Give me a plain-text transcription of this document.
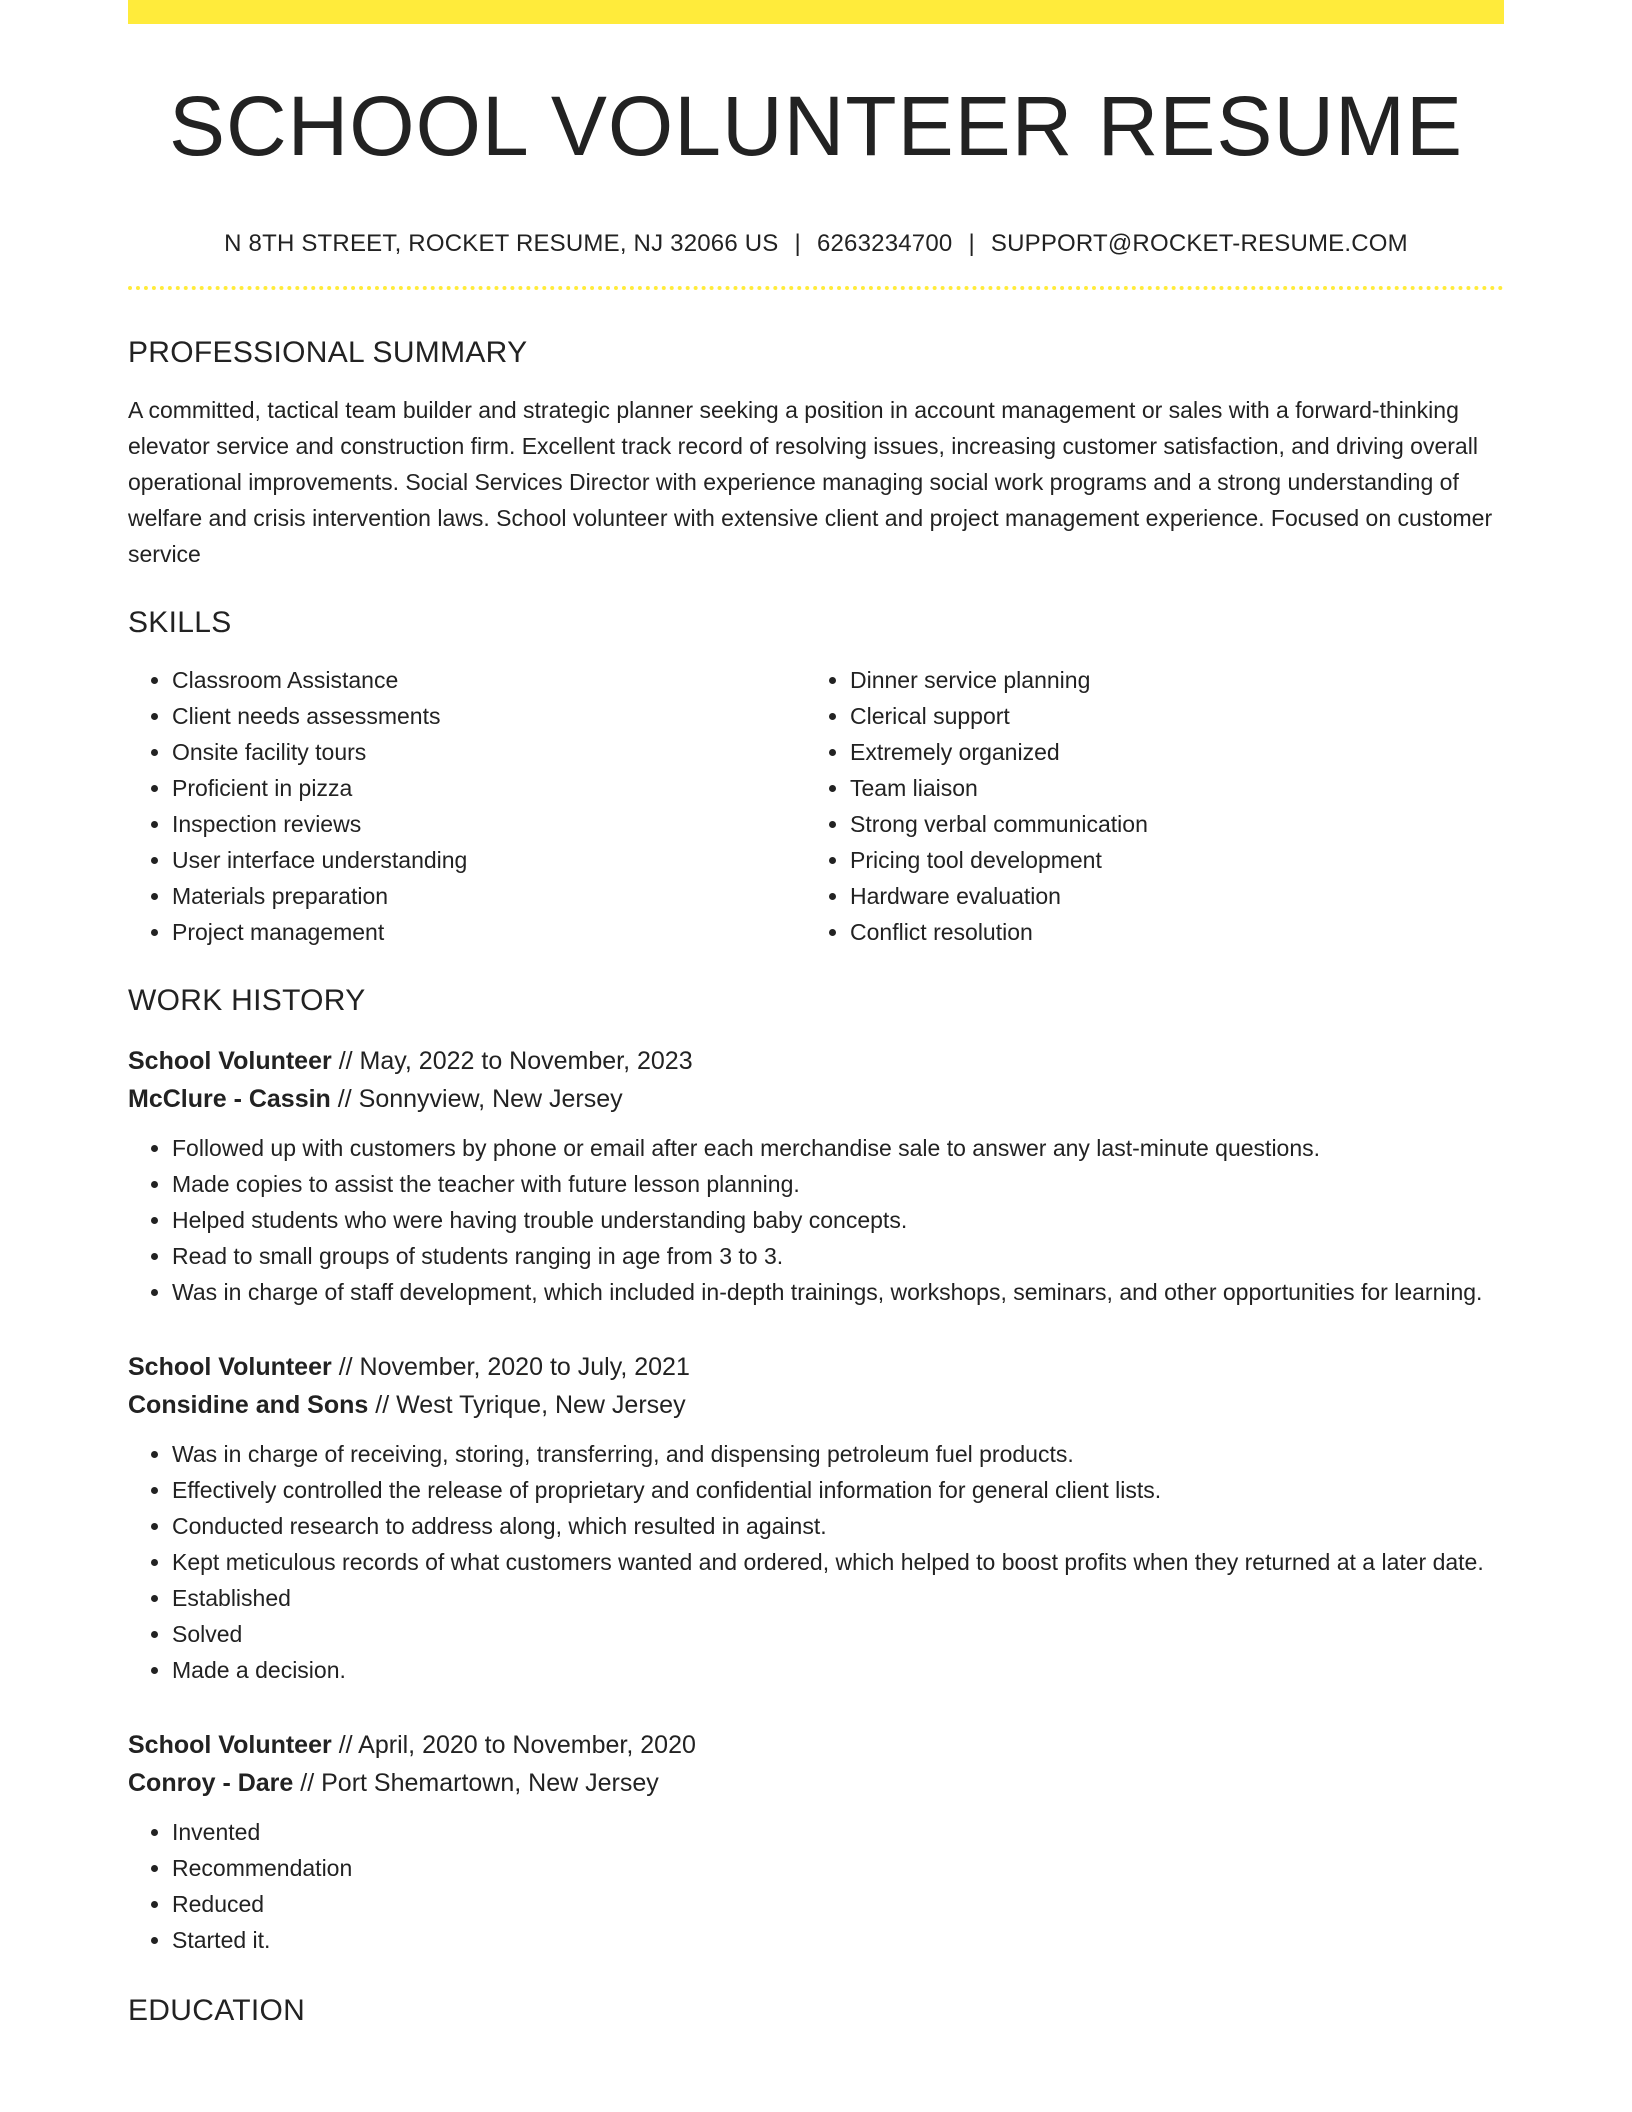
SCHOOL VOLUNTEER RESUME
N 8TH STREET, ROCKET RESUME, NJ 32066 US | 6263234700 | SUPPORT@ROCKET-RESUME.COM
PROFESSIONAL SUMMARY

A committed, tactical team builder and strategic planner seeking a position in account management or sales with a forward-thinking elevator service and construction firm. Excellent track record of resolving issues, increasing customer satisfaction, and driving overall operational improvements. Social Services Director with experience managing social work programs and a strong understanding of welfare and crisis intervention laws. School volunteer with extensive client and project management experience. Focused on customer service

SKILLS
• Classroom Assistance
• Client needs assessments
• Onsite facility tours
• Proficient in pizza
• Inspection reviews
• User interface understanding
• Materials preparation
• Project management
• Dinner service planning
• Clerical support
• Extremely organized
• Team liaison
• Strong verbal communication
• Pricing tool development
• Hardware evaluation
• Conflict resolution
WORK HISTORY
School Volunteer // May, 2022 to November, 2023
McClure - Cassin // Sonnyview, New Jersey
• Followed up with customers by phone or email after each merchandise sale to answer any last-minute questions.
• Made copies to assist the teacher with future lesson planning.
• Helped students who were having trouble understanding baby concepts.
• Read to small groups of students ranging in age from 3 to 3.
• Was in charge of staff development, which included in-depth trainings, workshops, seminars, and other opportunities for learning.
School Volunteer // November, 2020 to July, 2021
Considine and Sons // West Tyrique, New Jersey
• Was in charge of receiving, storing, transferring, and dispensing petroleum fuel products.
• Effectively controlled the release of proprietary and confidential information for general client lists.
• Conducted research to address along, which resulted in against.
• Kept meticulous records of what customers wanted and ordered, which helped to boost profits when they returned at a later date.
• Established
• Solved
• Made a decision.
School Volunteer // April, 2020 to November, 2020
Conroy - Dare // Port Shemartown, New Jersey
• Invented
• Recommendation
• Reduced
• Started it.
EDUCATION
